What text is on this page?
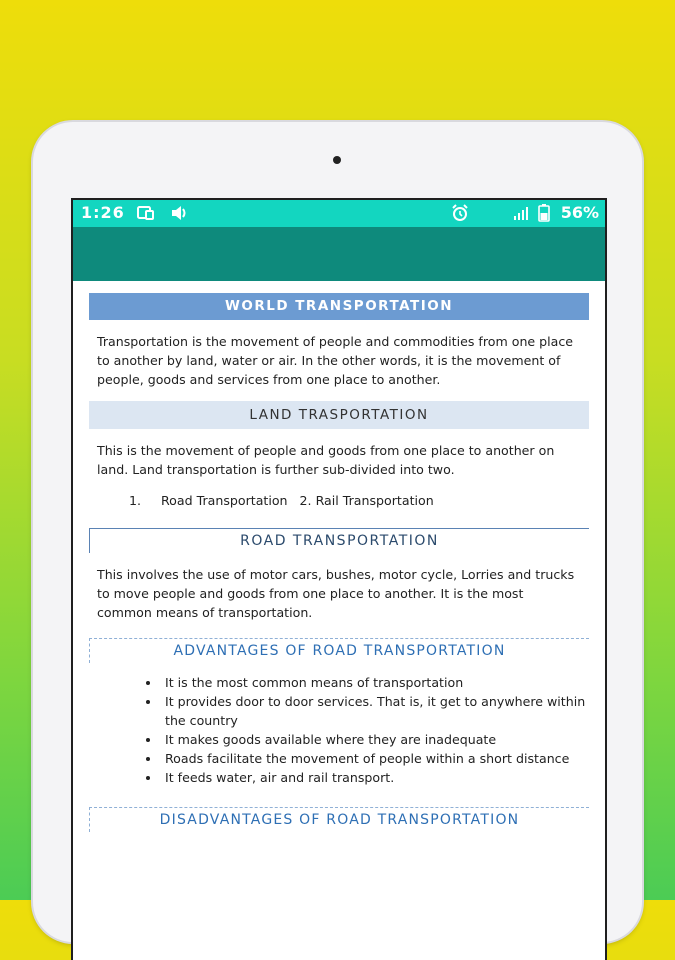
1:26	56%
WORLD TRANSPORTATION

Transportation is the movement of people and commodities from one place to another by land, water or air. In the other words, it is the movement of people, goods and services from one place to another.

LAND TRASPORTATION

This is the movement of people and goods from one place to another on land. Land transportation is further sub-divided into two.

1. Road Transportation   2. Rail Transportation
ROAD TRANSPORTATION

This involves the use of motor cars, bushes, motor cycle, Lorries and trucks to move people and goods from one place to another. It is the most common means of transportation.

ADVANTAGES OF ROAD TRANSPORTATION
• It is the most common means of transportation
• It provides door to door services. That is, it get to anywhere within the country
• It makes goods available where they are inadequate
• Roads facilitate the movement of people within a short distance
• It feeds water, air and rail transport.
DISADVANTAGES OF ROAD TRANSPORTATION
